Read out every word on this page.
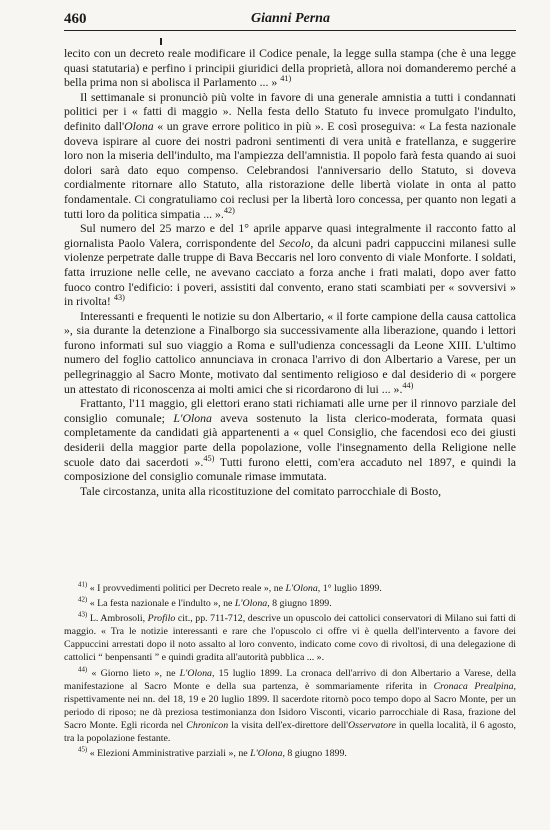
460	Gianni Perna

lecito con un decreto reale modificare il Codice penale, la legge sulla stampa (che è una legge quasi statutaria) e perfino i principii giuridici della proprietà, allora noi domanderemo perché a bella prima non si abolisca il Parlamento ... » $^{41)}$

Il settimanale si pronunciò più volte in favore di una generale amnistia a tutti i condannati politici per i « fatti di maggio ». Nella festa dello Statuto fu invece promulgato l'indulto, definito dall'Olona « un grave errore politico in più ». E così proseguiva: « La festa nazionale doveva ispirare al cuore dei nostri padroni sentimenti di vera unità e fratellanza, e suggerire loro non la miseria dell'indulto, ma l'ampiezza dell'amnistia. Il popolo farà festa quando ai suoi dolori sarà dato equo compenso. Celebrandosi l'anniversario dello Statuto, si doveva cordialmente ritornare allo Statuto, alla ristorazione delle libertà violate in onta al patto fondamentale. Ci congratuliamo coi reclusi per la libertà loro concessa, per quanto non legati a tutti loro da politica simpatia ... ».$^{42)}$

Sul numero del 25 marzo e del 1° aprile apparve quasi integralmente il racconto fatto al giornalista Paolo Valera, corrispondente del Secolo, da alcuni padri cappuccini milanesi sulle violenze perpetrate dalle truppe di Bava Beccaris nel loro convento di viale Monforte. I soldati, fatta irruzione nelle celle, ne avevano cacciato a forza anche i frati malati, dopo aver fatto fuoco contro l'edificio: i poveri, assistiti dal convento, erano stati scambiati per « sovversivi » in rivolta! $^{43)}$

Interessanti e frequenti le notizie su don Albertario, « il forte campione della causa cattolica », sia durante la detenzione a Finalborgo sia successivamente alla liberazione, quando i lettori furono informati sul suo viaggio a Roma e sull'udienza concessagli da Leone XIII. L'ultimo numero del foglio cattolico annunciava in cronaca l'arrivo di don Albertario a Varese, per un pellegrinaggio al Sacro Monte, motivato dal sentimento religioso e dal desiderio di « porgere un attestato di riconoscenza ai molti amici che si ricordarono di lui ... ».$^{44)}$

Frattanto, l'11 maggio, gli elettori erano stati richiamati alle urne per il rinnovo parziale del consiglio comunale; L'Olona aveva sostenuto la lista clerico-moderata, formata quasi completamente da candidati già appartenenti a « quel Consiglio, che facendosi eco dei giusti desiderii della maggior parte della popolazione, volle l'insegnamento della Religione nelle scuole dato dai sacerdoti ».$^{45)}$ Tutti furono eletti, com'era accaduto nel 1897, e quindi la composizione del consiglio comunale rimase immutata.

Tale circostanza, unita alla ricostituzione del comitato parrocchiale di Bosto,

$^{41)}$ « I provvedimenti politici per Decreto reale », ne L'Olona, 1° luglio 1899.

$^{42)}$ « La festa nazionale e l'indulto », ne L'Olona, 8 giugno 1899.

$^{43)}$ L. Ambrosoli, Profilo cit., pp. 711-712, descrive un opuscolo dei cattolici conservatori di Milano sui fatti di maggio. « Tra le notizie interessanti e rare che l'opuscolo ci offre vi è quella dell'intervento a favore dei Cappuccini arrestati dopo il noto assalto al loro convento, indicato come covo di rivoltosi, di una delegazione di cattolici “ benpensanti ” e quindi gradita all'autorità pubblica ... ».

$^{44)}$ « Giorno lieto », ne L'Olona, 15 luglio 1899. La cronaca dell'arrivo di don Albertario a Varese, della manifestazione al Sacro Monte e della sua partenza, è sommariamente riferita in Cronaca Prealpina, rispettivamente nei nn. del 18, 19 e 20 luglio 1899. Il sacerdote ritornò poco tempo dopo al Sacro Monte, per un periodo di riposo; ne dà preziosa testimonianza don Isidoro Visconti, vicario parrocchiale di Rasa, frazione del Sacro Monte. Egli ricorda nel Chronicon la visita dell'ex-direttore dell'Osservatore in quella località, il 6 agosto, tra la popolazione festante.

$^{45)}$ « Elezioni Amministrative parziali », ne L'Olona, 8 giugno 1899.
